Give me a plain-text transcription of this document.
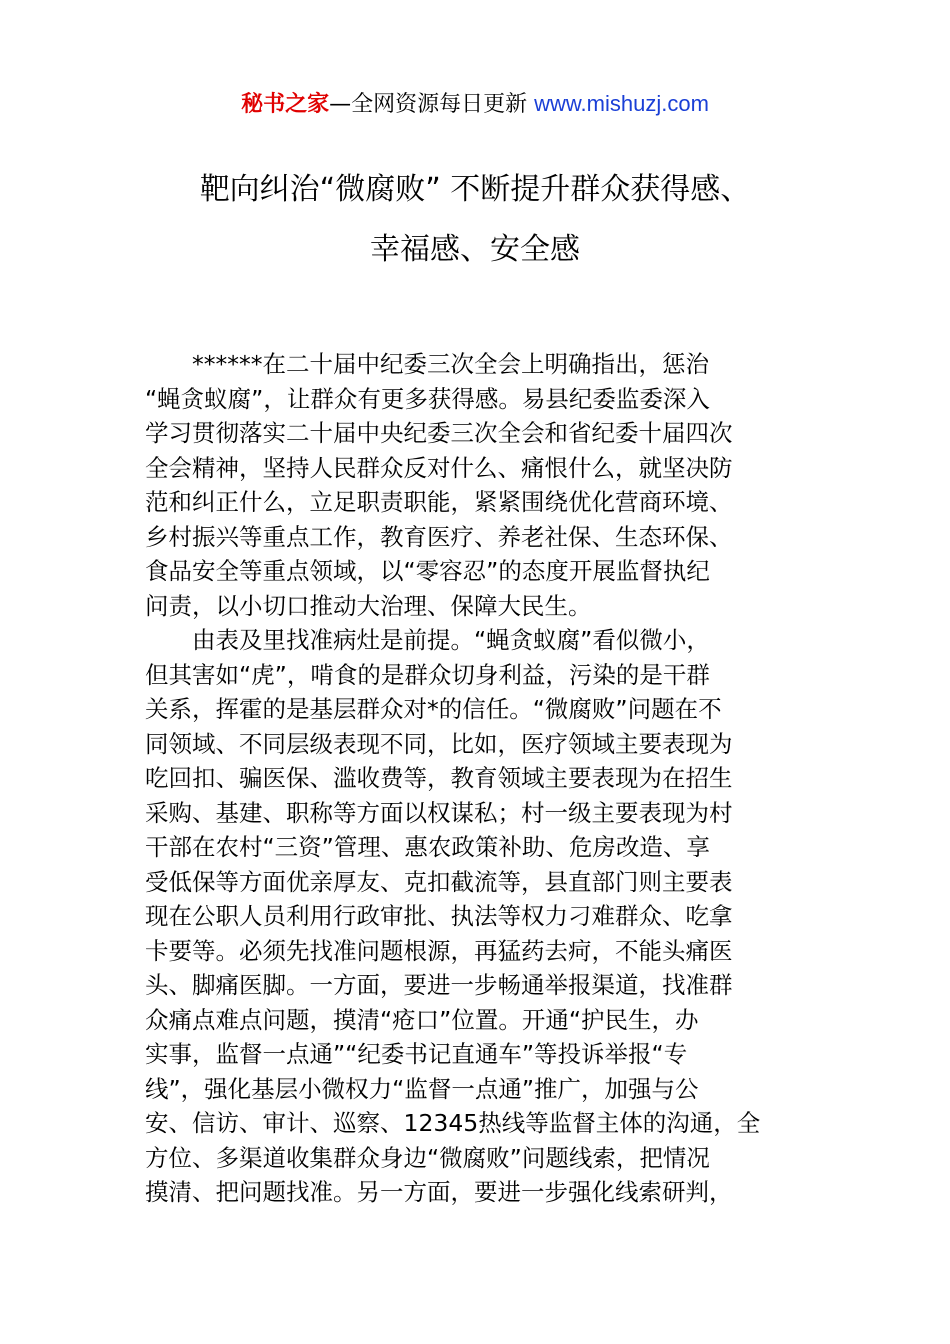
秘书之家—全网资源每日更新 www.mishuzj.com
靶向纠治“微腐败” 不断提升群众获得感、
幸福感、安全感
　　******在二十届中纪委三次全会上明确指出，惩治
“蝇贪蚁腐”，让群众有更多获得感。易县纪委监委深入
学习贯彻落实二十届中央纪委三次全会和省纪委十届四次
全会精神，坚持人民群众反对什么、痛恨什么，就坚决防
范和纠正什么，立足职责职能，紧紧围绕优化营商环境、
乡村振兴等重点工作，教育医疗、养老社保、生态环保、
食品安全等重点领域，以“零容忍”的态度开展监督执纪
问责，以小切口推动大治理、保障大民生。
　　由表及里找准病灶是前提。“蝇贪蚁腐”看似微小，
但其害如“虎”，啃食的是群众切身利益，污染的是干群
关系，挥霍的是基层群众对*的信任。“微腐败”问题在不
同领域、不同层级表现不同，比如，医疗领域主要表现为
吃回扣、骗医保、滥收费等，教育领域主要表现为在招生
采购、基建、职称等方面以权谋私；村一级主要表现为村
干部在农村“三资”管理、惠农政策补助、危房改造、享
受低保等方面优亲厚友、克扣截流等，县直部门则主要表
现在公职人员利用行政审批、执法等权力刁难群众、吃拿
卡要等。必须先找准问题根源，再猛药去疴，不能头痛医
头、脚痛医脚。一方面，要进一步畅通举报渠道，找准群
众痛点难点问题，摸清“疮口”位置。开通“护民生，办
实事，监督一点通”“纪委书记直通车”等投诉举报“专
线”，强化基层小微权力“监督一点通”推广，加强与公
安、信访、审计、巡察、12345热线等监督主体的沟通，全
方位、多渠道收集群众身边“微腐败”问题线索，把情况
摸清、把问题找准。另一方面，要进一步强化线索研判，
